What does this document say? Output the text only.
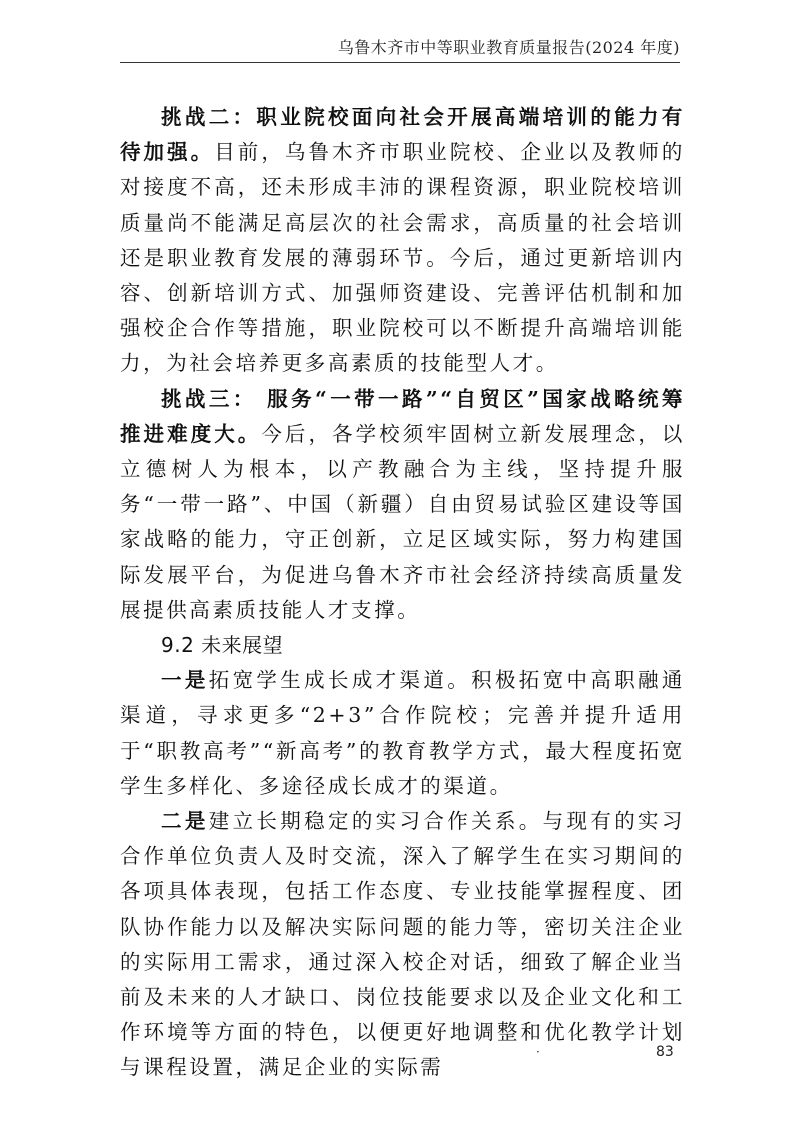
乌鲁木齐市中等职业教育质量报告(2024 年度)

挑战二：职业院校面向社会开展高端培训的能力有待加强。目前，乌鲁木齐市职业院校、企业以及教师的对接度不高，还未形成丰沛的课程资源，职业院校培训质量尚不能满足高层次的社会需求，高质量的社会培训还是职业教育发展的薄弱环节。今后，通过更新培训内容、创新培训方式、加强师资建设、完善评估机制和加强校企合作等措施，职业院校可以不断提升高端培训能力，为社会培养更多高素质的技能型人才。

挑战三： 服务“一带一路”“自贸区”国家战略统筹推进难度大。今后，各学校须牢固树立新发展理念，以立德树人为根本，以产教融合为主线，坚持提升服务“一带一路”、中国（新疆）自由贸易试验区建设等国家战略的能力，守正创新，立足区域实际，努力构建国际发展平台，为促进乌鲁木齐市社会经济持续高质量发展提供高素质技能人才支撑。

9.2 未来展望

一是拓宽学生成长成才渠道。积极拓宽中高职融通渠道，寻求更多“2+3”合作院校；完善并提升适用于“职教高考”“新高考”的教育教学方式，最大程度拓宽学生多样化、多途径成长成才的渠道。

二是建立长期稳定的实习合作关系。与现有的实习合作单位负责人及时交流，深入了解学生在实习期间的各项具体表现，包括工作态度、专业技能掌握程度、团队协作能力以及解决实际问题的能力等，密切关注企业的实际用工需求，通过深入校企对话，细致了解企业当前及未来的人才缺口、岗位技能要求以及企业文化和工作环境等方面的特色，以便更好地调整和优化教学计划与课程设置，满足企业的实际需

·	83
